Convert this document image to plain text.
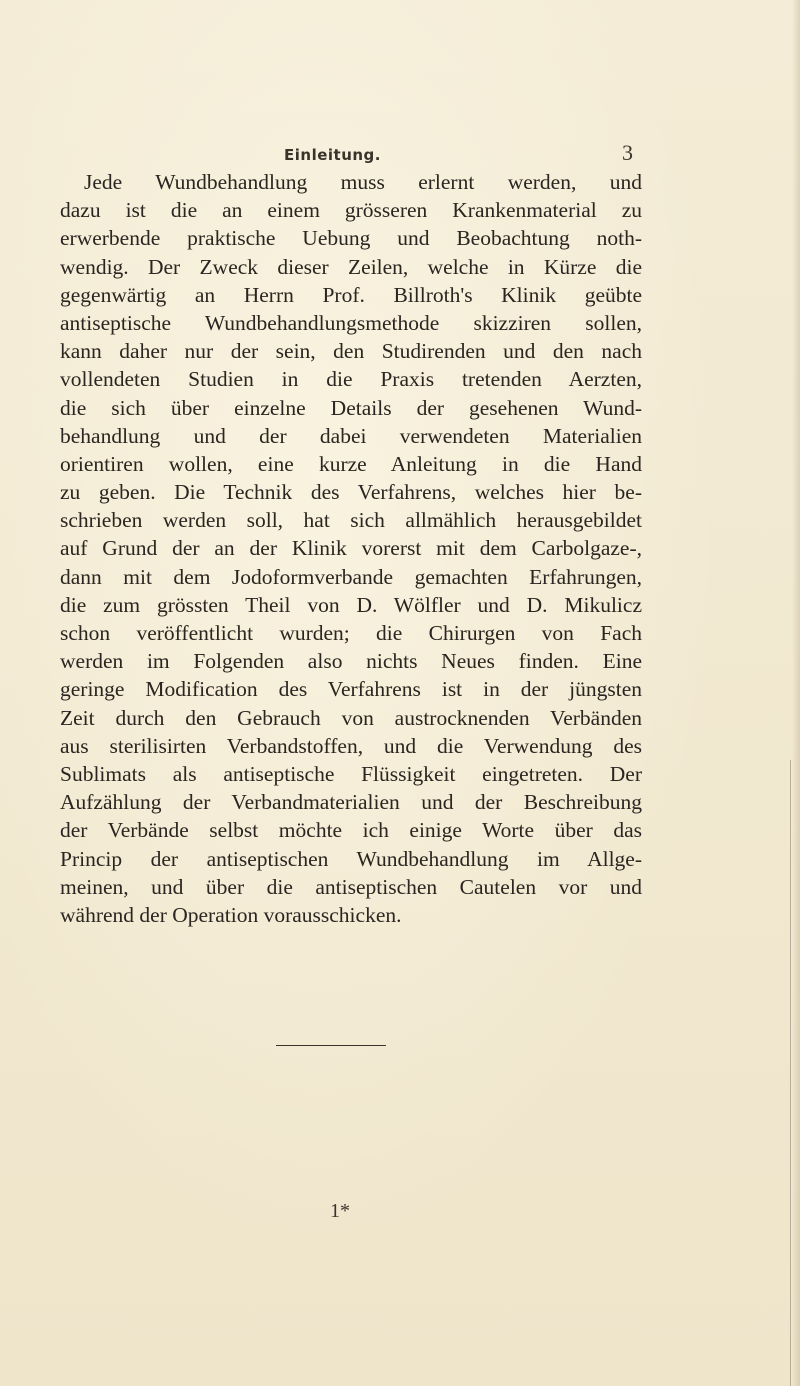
Einleitung.	3
Jede Wundbehandlung muss erlernt werden, und
dazu ist die an einem grösseren Krankenmaterial zu
erwerbende praktische Uebung und Beobachtung noth-
wendig. Der Zweck dieser Zeilen, welche in Kürze die
gegenwärtig an Herrn Prof. Billroth's Klinik geübte
antiseptische Wundbehandlungsmethode skizziren sollen,
kann daher nur der sein, den Studirenden und den nach
vollendeten Studien in die Praxis tretenden Aerzten,
die sich über einzelne Details der gesehenen Wund-
behandlung und der dabei verwendeten Materialien
orientiren wollen, eine kurze Anleitung in die Hand
zu geben. Die Technik des Verfahrens, welches hier be-
schrieben werden soll, hat sich allmählich herausgebildet
auf Grund der an der Klinik vorerst mit dem Carbolgaze-,
dann mit dem Jodoformverbande gemachten Erfahrungen,
die zum grössten Theil von D. Wölfler und D. Mikulicz
schon veröffentlicht wurden; die Chirurgen von Fach
werden im Folgenden also nichts Neues finden. Eine
geringe Modification des Verfahrens ist in der jüngsten
Zeit durch den Gebrauch von austrocknenden Verbänden
aus sterilisirten Verbandstoffen, und die Verwendung des
Sublimats als antiseptische Flüssigkeit eingetreten. Der
Aufzählung der Verbandmaterialien und der Beschreibung
der Verbände selbst möchte ich einige Worte über das
Princip der antiseptischen Wundbehandlung im Allge-
meinen, und über die antiseptischen Cautelen vor und
während der Operation vorausschicken.
1*
